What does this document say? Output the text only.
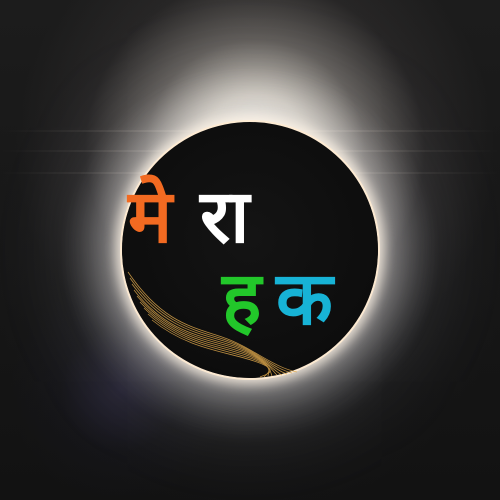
मे रा
ह क
